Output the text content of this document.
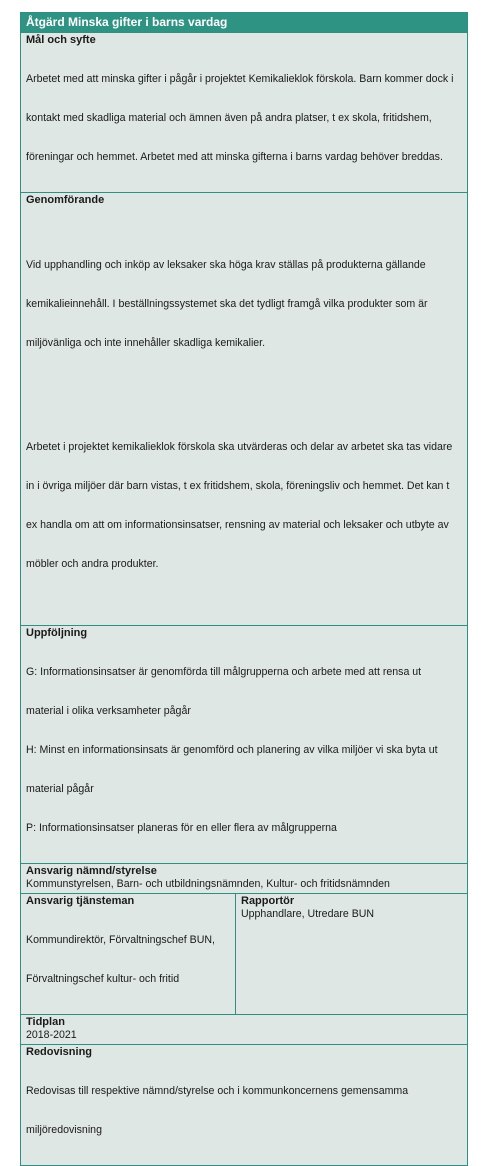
Åtgärd Minska gifter i barns vardag

Mål och syfte

Arbetet med att minska gifter i pågår i projektet Kemikalieklok förskola. Barn kommer dock i

kontakt med skadliga material och ämnen även på andra platser, t ex skola, fritidshem,

föreningar och hemmet. Arbetet med att minska gifterna i barns vardag behöver breddas.

Genomförande

Vid upphandling och inköp av leksaker ska höga krav ställas på produkterna gällande

kemikalieinnehåll. I beställningssystemet ska det tydligt framgå vilka produkter som är

miljövänliga och inte innehåller skadliga kemikalier.

Arbetet i projektet kemikalieklok förskola ska utvärderas och delar av arbetet ska tas vidare

in i övriga miljöer där barn vistas, t ex fritidshem, skola, föreningsliv och hemmet. Det kan t

ex handla om att om informationsinsatser, rensning av material och leksaker och utbyte av

möbler och andra produkter.

Uppföljning

G: Informationsinsatser är genomförda till målgrupperna och arbete med att rensa ut

material i olika verksamheter pågår

H: Minst en informationsinsats är genomförd och planering av vilka miljöer vi ska byta ut

material pågår

P: Informationsinsatser planeras för en eller flera av målgrupperna

Ansvarig nämnd/styrelse

Kommunstyrelsen, Barn- och utbildningsnämnden, Kultur- och fritidsnämnden

Ansvarig tjänsteman

Kommundirektör, Förvaltningschef BUN,

Förvaltningschef kultur- och fritid

Rapportör

Upphandlare, Utredare BUN

Tidplan

2018-2021

Redovisning

Redovisas till respektive nämnd/styrelse och i kommunkoncernens gemensamma

miljöredovisning
